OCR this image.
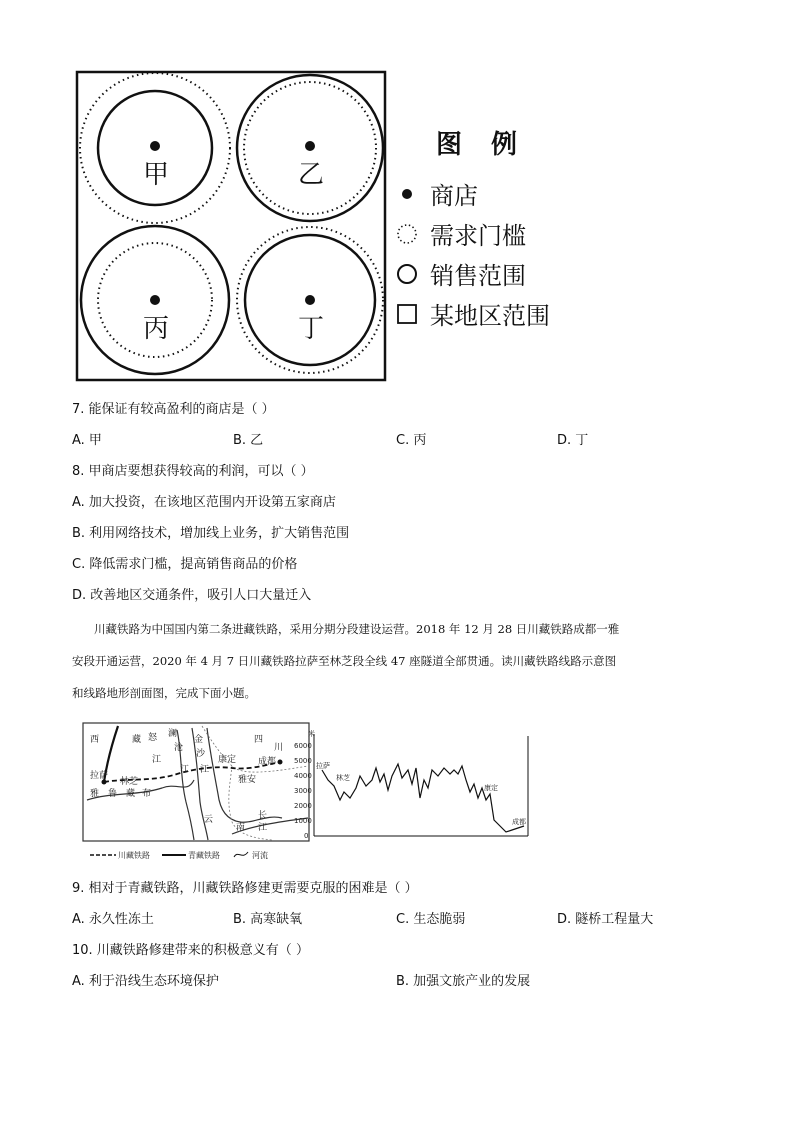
甲	乙
丙	丁
图 例
商店
需求门槛
销售范围
某地区范围
7. 能保证有较高盈利的商店是（ ）
A. 甲	B. 乙	C. 丙	D. 丁
8. 甲商店要想获得较高的利润，可以（ ）
A. 加大投资，在该地区范围内开设第五家商店
B. 利用网络技术，增加线上业务，扩大销售范围
C. 降低需求门槛，提高销售商品的价格
D. 改善地区交通条件，吸引人口大量迁入
川藏铁路为中国国内第二条进藏铁路，采用分期分段建设运营。2018 年 12 月 28 日川藏铁路成都一雅
安段开通运营，2020 年 4 月 7 日川藏铁路拉萨至林芝段全线 47 座隧道全部贯通。读川藏铁路线路示意图
和线路地形剖面图，完成下面小题。
西	藏
拉萨
林芝
雅 鲁 藏 布
江
怒 澜
沧
江
金
沙
江
四
川
康定 成都
雅安
长
江
云
南
川藏铁路	青藏铁路	河流
米
6000
5000
4000
3000
2000
1000
0
拉萨
林芝
康定
成都
9. 相对于青藏铁路，川藏铁路修建更需要克服的困难是（ ）
A. 永久性冻土	B. 高寒缺氧	C. 生态脆弱	D. 隧桥工程量大
10. 川藏铁路修建带来的积极意义有（ ）
A. 利于沿线生态环境保护	B. 加强文旅产业的发展
